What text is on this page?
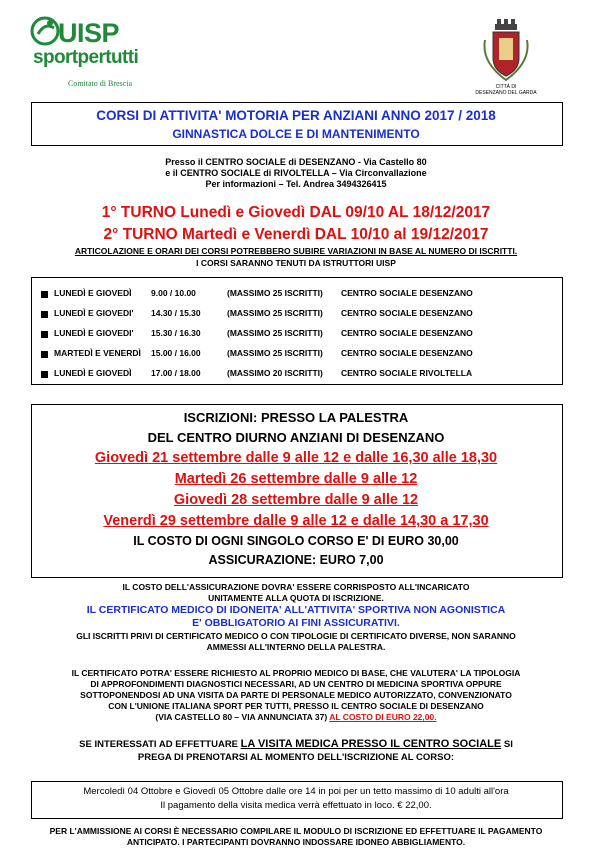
UISP
sportpertutti
Comitato di Brescia	CITTÀ DI
DESENZANO DEL GARDA
CORSI DI ATTIVITA' MOTORIA PER ANZIANI ANNO 2017 / 2018
GINNASTICA DOLCE E DI MANTENIMENTO
Presso il CENTRO SOCIALE di DESENZANO - Via Castello 80
e il CENTRO SOCIALE di RIVOLTELLA – Via Circonvallazione
Per informazioni – Tel. Andrea 3494326415
1° TURNO Lunedì e Giovedì DAL 09/10 AL 18/12/2017
2° TURNO Martedì e Venerdì DAL 10/10 al 19/12/2017
ARTICOLAZIONE E ORARI DEI CORSI POTREBBERO SUBIRE VARIAZIONI IN BASE AL NUMERO DI ISCRITTI.
I CORSI SARANNO TENUTI DA ISTRUTTORI UISP
LUNEDÌ E GIOVEDÌ 9.00 / 10.00	(MASSIMO 25 ISCRITTI) CENTRO SOCIALE DESENZANO
LUNEDÌ E GIOVEDI' 14.30 / 15.30	(MASSIMO 25 ISCRITTI) CENTRO SOCIALE DESENZANO
LUNEDÌ E GIOVEDI' 15.30 / 16.30	(MASSIMO 25 ISCRITTI) CENTRO SOCIALE DESENZANO
MARTEDÌ E VENERDÌ 15.00 / 16.00	(MASSIMO 25 ISCRITTI) CENTRO SOCIALE DESENZANO
LUNEDÌ E GIOVEDÌ 17.00 / 18.00	(MASSIMO 20 ISCRITTI) CENTRO SOCIALE RIVOLTELLA
ISCRIZIONI: PRESSO LA PALESTRA
DEL CENTRO DIURNO ANZIANI DI DESENZANO
Giovedì 21 settembre dalle 9 alle 12 e dalle 16,30 alle 18,30
Martedì 26 settembre dalle 9 alle 12
Giovedì 28 settembre dalle 9 alle 12
Venerdì 29 settembre dalle 9 alle 12 e dalle 14,30 a 17,30
IL COSTO DI OGNI SINGOLO CORSO E' DI EURO 30,00
ASSICURAZIONE: EURO 7,00
IL COSTO DELL'ASSICURAZIONE DOVRA' ESSERE CORRISPOSTO ALL'INCARICATO
UNITAMENTE ALLA QUOTA DI ISCRIZIONE.
IL CERTIFICATO MEDICO DI IDONEITA' ALL'ATTIVITA' SPORTIVA NON AGONISTICA
E' OBBLIGATORIO AI FINI ASSICURATIVI.
GLI ISCRITTI PRIVI DI CERTIFICATO MEDICO O CON TIPOLOGIE DI CERTIFICATO DIVERSE, NON SARANNO
AMMESSI ALL'INTERNO DELLA PALESTRA.
IL CERTIFICATO POTRA' ESSERE RICHIESTO AL PROPRIO MEDICO DI BASE, CHE VALUTERA' LA TIPOLOGIA
DI APPROFONDIMENTI DIAGNOSTICI NECESSARI, AD UN CENTRO DI MEDICINA SPORTIVA OPPURE
SOTTOPONENDOSI AD UNA VISITA DA PARTE DI PERSONALE MEDICO AUTORIZZATO, CONVENZIONATO
CON L'UNIONE ITALIANA SPORT PER TUTTI, PRESSO IL CENTRO SOCIALE DI DESENZANO
(VIA CASTELLO 80 – VIA ANNUNCIATA 37) AL COSTO DI EURO 22,00.
SE INTERESSATI AD EFFETTUARE LA VISITA MEDICA PRESSO IL CENTRO SOCIALE SI
PREGA DI PRENOTARSI AL MOMENTO DELL'ISCRIZIONE AL CORSO:
Mercoledì 04 Ottobre e Giovedì 05 Ottobre dalle ore 14 in poi per un tetto massimo di 10 adulti all'ora
Il pagamento della visita medica verrà effettuato in loco. € 22,00.
PER L'AMMISSIONE AI CORSI È NECESSARIO COMPILARE IL MODULO DI ISCRIZIONE ED EFFETTUARE IL PAGAMENTO
ANTICIPATO. I PARTECIPANTI DOVRANNO INDOSSARE IDONEO ABBIGLIAMENTO.
